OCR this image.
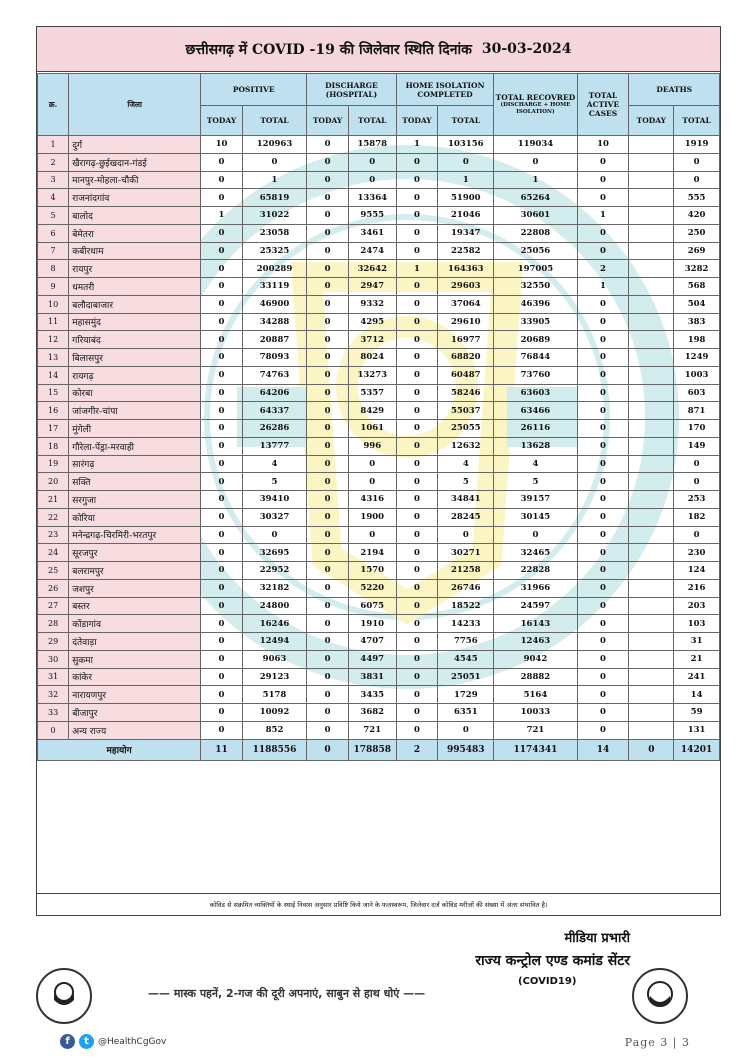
छत्तीसगढ़ में COVID -19 की जिलेवार स्थिति दिनांक 30-03-2024
क्र.	जिला	POSITIVE		DISCHARGE (HOSPITAL)		HOME ISOLATION COMPLETED		TOTAL RECOVRED
(DISCHARGE + HOME ISOLATION)	TOTAL ACTIVE CASES	DEATHS	
		TODAY	TOTAL	TODAY	TOTAL	TODAY	TOTAL			TODAY	TOTAL
1	दुर्ग	10	120963	0	15878	1	103156	119034	10		1919
2	खैरागढ़-छुईखदान-गंडई	0	0	0	0	0	0	0	0		0
3	मानपुर-मोहला-चौकी	0	1	0	0	0	1	1	0		0
4	राजनांदगांव	0	65819	0	13364	0	51900	65264	0		555
5	बालोद	1	31022	0	9555	0	21046	30601	1		420
6	बेमेतरा	0	23058	0	3461	0	19347	22808	0		250
7	कबीरधाम	0	25325	0	2474	0	22582	25056	0		269
8	रायपुर	0	200289	0	32642	1	164363	197005	2		3282
9	धमतरी	0	33119	0	2947	0	29603	32550	1		568
10	बलौदाबाजार	0	46900	0	9332	0	37064	46396	0		504
11	महासमुंद	0	34288	0	4295	0	29610	33905	0		383
12	गरियाबंद	0	20887	0	3712	0	16977	20689	0		198
13	बिलासपुर	0	78093	0	8024	0	68820	76844	0		1249
14	रायगढ़	0	74763	0	13273	0	60487	73760	0		1003
15	कोरबा	0	64206	0	5357	0	58246	63603	0		603
16	जांजगीर-चांपा	0	64337	0	8429	0	55037	63466	0		871
17	मुंगेली	0	26286	0	1061	0	25055	26116	0		170
18	गौरेला-पेंड्रा-मरवाही	0	13777	0	996	0	12632	13628	0		149
19	सारंगढ़	0	4	0	0	0	4	4	0		0
20	सक्ति	0	5	0	0	0	5	5	0		0
21	सरगुजा	0	39410	0	4316	0	34841	39157	0		253
22	कोरिया	0	30327	0	1900	0	28245	30145	0		182
23	मनेन्द्रगढ़-चिरमिरी-भरतपुर	0	0	0	0	0	0	0	0		0
24	सूरजपुर	0	32695	0	2194	0	30271	32465	0		230
25	बलरामपुर	0	22952	0	1570	0	21258	22828	0		124
26	जशपुर	0	32182	0	5220	0	26746	31966	0		216
27	बस्तर	0	24800	0	6075	0	18522	24597	0		203
28	कोंडागांव	0	16246	0	1910	0	14233	16143	0		103
29	दंतेवाड़ा	0	12494	0	4707	0	7756	12463	0		31
30	सुकमा	0	9063	0	4497	0	4545	9042	0		21
31	कांकेर	0	29123	0	3831	0	25051	28882	0		241
32	नारायणपुर	0	5178	0	3435	0	1729	5164	0		14
33	बीजापुर	0	10092	0	3682	0	6351	10033	0		59
0	अन्य राज्य	0	852	0	721	0	0	721	0		131
महायोग		11	1188556	0	178858	2	995483	1174341	14	0	14201
कोविड से संक्रमित व्यक्तियों के स्थाई निवास अनुसार प्रविष्टि किये जाने के फलस्वरूप, जिलेवार दर्ज कोविड मरीजों की संख्या में अंतर संभावित है।
मीडिया प्रभारी
राज्य कन्ट्रोल एण्ड कमांड सेंटर
—— मास्क पहनें, 2-गज की दूरी अपनाएं, साबुन से हाथ धोएं ——
(COVID19)
f	t	@HealthCgGov	Page 3 | 3
